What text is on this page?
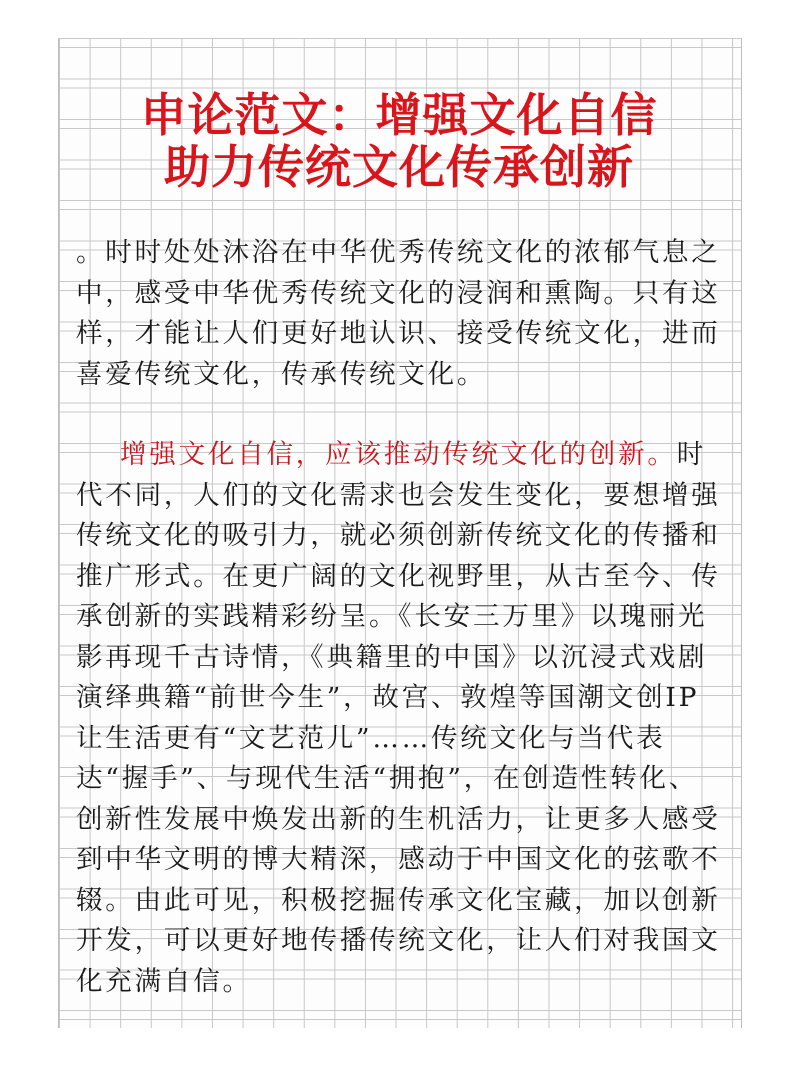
申论范文：增强文化自信
助力传统文化传承创新

。时时处处沐浴在中华优秀传统文化的浓郁气息之中，感受中华优秀传统文化的浸润和熏陶。只有这样，才能让人们更好地认识、接受传统文化，进而喜爱传统文化，传承传统文化。

增强文化自信，应该推动传统文化的创新。时代不同，人们的文化需求也会发生变化，要想增强传统文化的吸引力，就必须创新传统文化的传播和推广形式。在更广阔的文化视野里，从古至今、传承创新的实践精彩纷呈。《长安三万里》以瑰丽光影再现千古诗情，《典籍里的中国》以沉浸式戏剧演绎典籍“前世今生”，故宫、敦煌等国潮文创IP让生活更有“文艺范儿”……传统文化与当代表达“握手”、与现代生活“拥抱”，在创造性转化、创新性发展中焕发出新的生机活力，让更多人感受到中华文明的博大精深，感动于中国文化的弦歌不辍。由此可见，积极挖掘传承文化宝藏，加以创新开发，可以更好地传播传统文化，让人们对我国文化充满自信。
